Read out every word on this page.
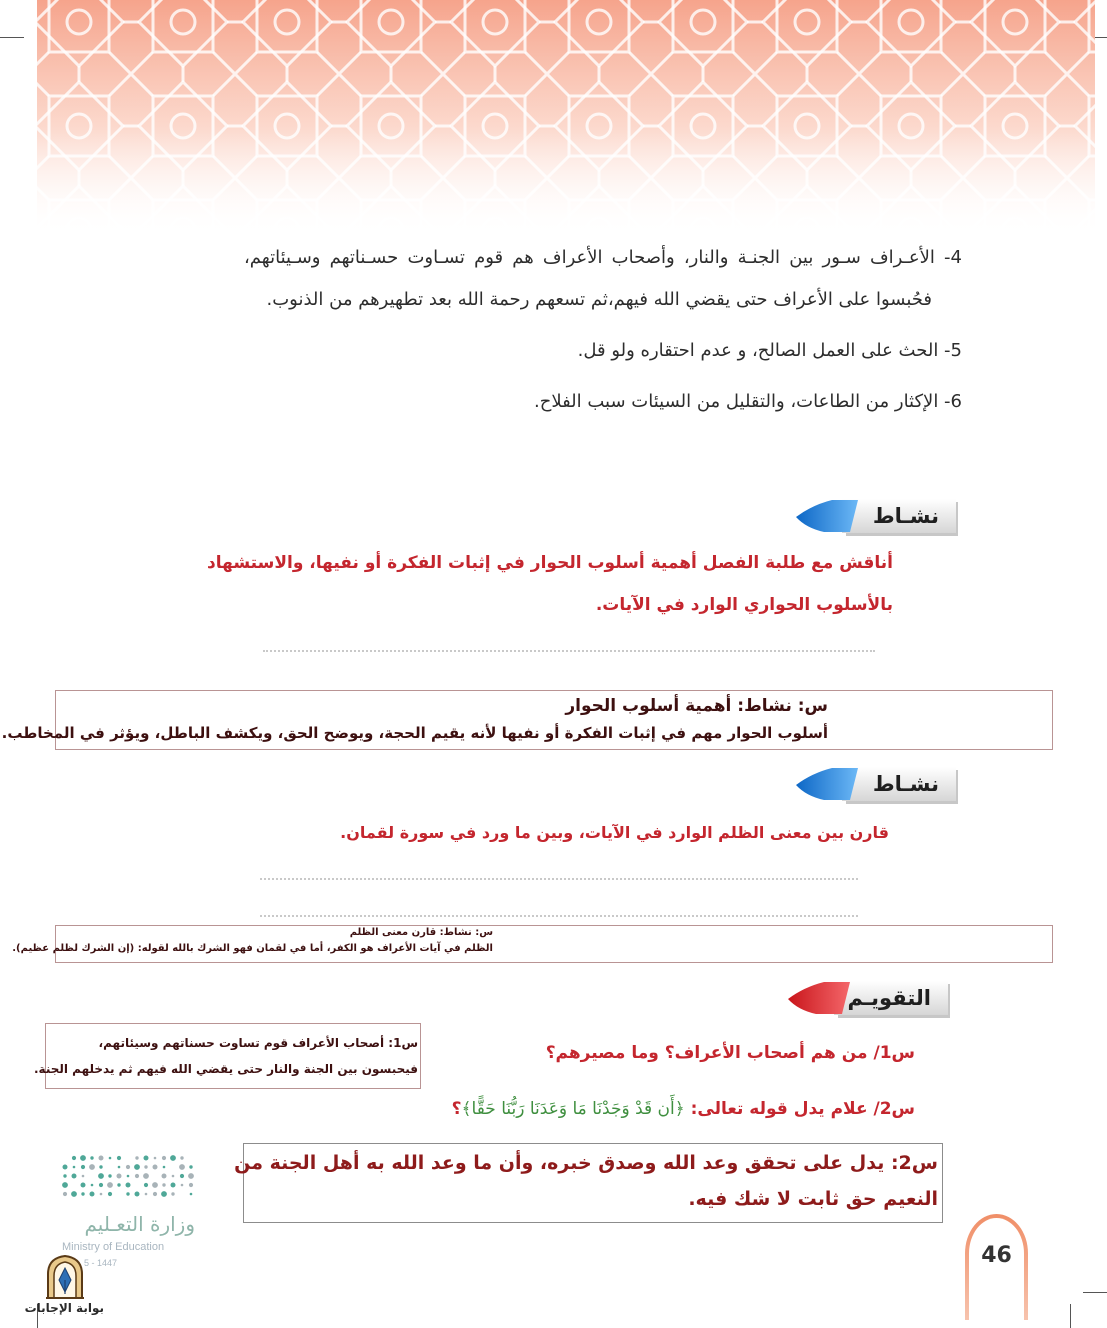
4- الأعـراف سـور بين الجنـة والنار، وأصحاب الأعراف هم قوم تسـاوت حسـناتهم وسـيئاتهم،
فحُبسوا على الأعراف حتى يقضي الله فيهم،ثم تسعهم رحمة الله بعد تطهيرهم من الذنوب.
5- الحث على العمل الصالح، و عدم احتقاره ولو قل.
6- الإكثار من الطاعات، والتقليل من السيئات سبب الفلاح.
نشـاط
أناقش مع طلبة الفصل أهمية أسلوب الحوار في إثبات الفكرة أو نفيها، والاستشهاد
بالأسلوب الحواري الوارد في الآيات.
س: نشاط: أهمية أسلوب الحوار
أسلوب الحوار مهم في إثبات الفكرة أو نفيها لأنه يقيم الحجة، ويوضح الحق، ويكشف الباطل، ويؤثر في المخاطب.
نشـاط
قارن بين معنى الظلم الوارد في الآيات، وبين ما ورد في سورة لقمان.
س: نشاط: قارن معنى الظلم
الظلم في آيات الأعراف هو الكفر، أما في لقمان فهو الشرك بالله لقوله: (إن الشرك لظلم عظيم).
التقويـم
س1: أصحاب الأعراف قوم تساوت حسناتهم وسيئاتهم،
فيحبسون بين الجنة والنار حتى يقضي الله فيهم ثم يدخلهم الجنة.
س1/ من هم أصحاب الأعراف؟ وما مصيرهم؟
س2/ علام يدل قوله تعالى: ﴿أَن قَدْ وَجَدْنَا مَا وَعَدَنَا رَبُّنَا حَقًّا﴾؟
س2: يدل على تحقق وعد الله وصدق خبره، وأن ما وعد الله به أهل الجنة من
النعيم حق ثابت لا شك فيه.
وزارة التعـليم
Ministry of Education
5 - 1447
بوابة الإجابات
46
